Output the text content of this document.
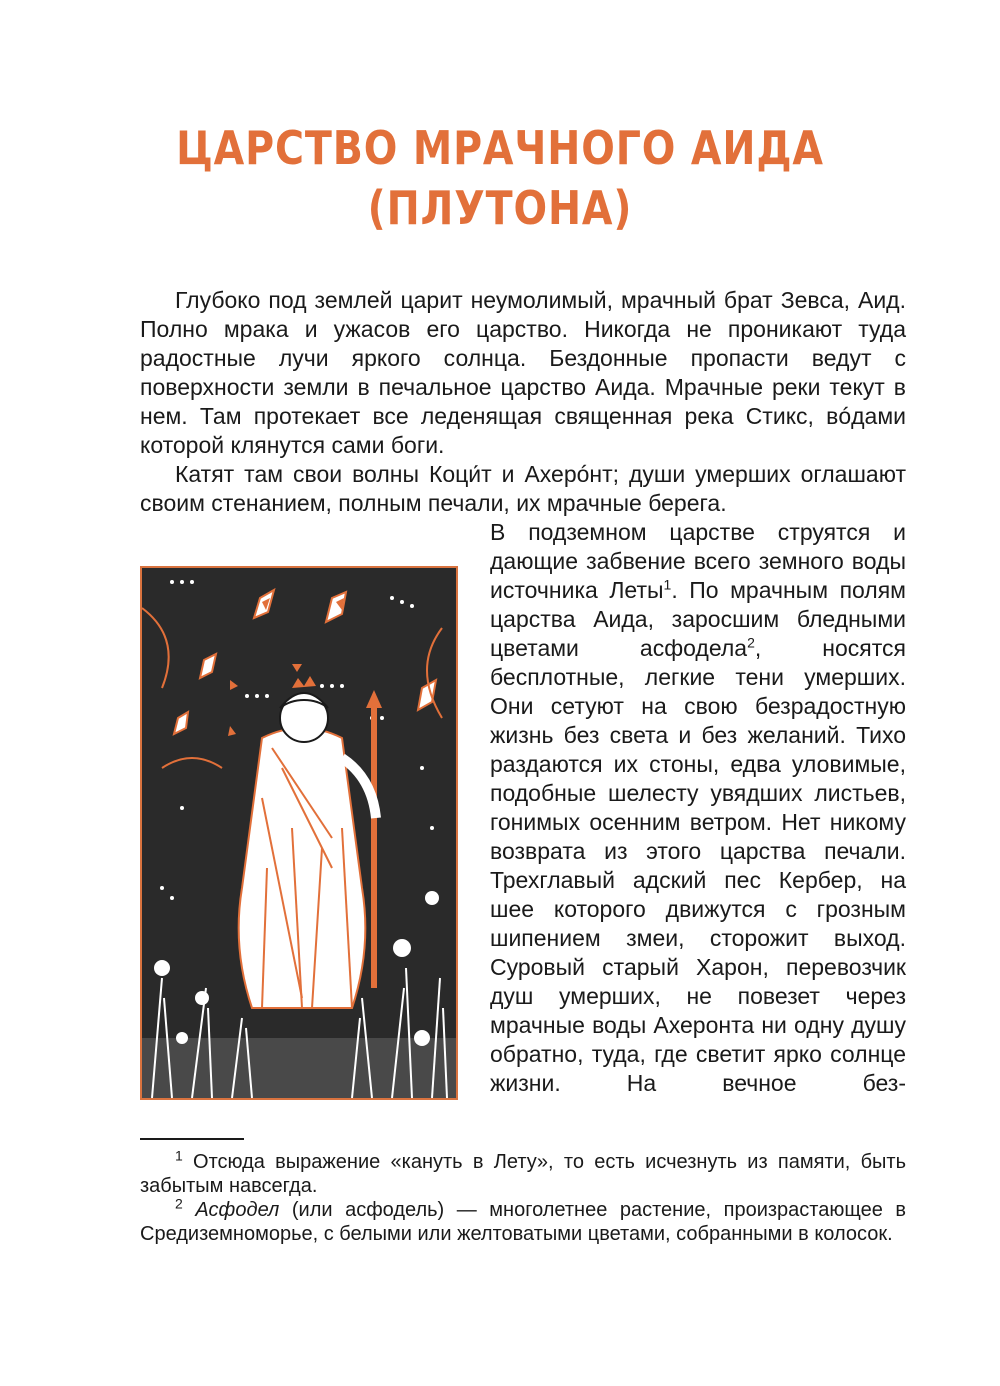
ЦАРСТВО МРАЧНОГО АИДА
(ПЛУТОНА)

Глубоко под землей царит неумолимый, мрачный брат Зевса, Аид. Полно мрака и ужасов его царство. Никогда не проникают туда радостные лучи яркого солнца. Бездонные пропасти ведут с поверхности земли в печальное царство Аида. Мрачные реки текут в нем. Там протекает все леденящая священная река Стикс, вóдами которой клянутся сами боги.

Катят там свои волны Коци́т и Ахерóнт; души умерших оглашают своим стенанием, полным печали, их мрачные берега.

В подземном царстве струятся и дающие забвение всего земного воды источника Леты$^1$. По мрачным полям царства Аида, заросшим бледными цветами асфодела$^2$, носятся бесплотные, легкие тени умерших. Они сетуют на свою безрадостную жизнь без света и без желаний. Тихо раздаются их стоны, едва уловимые, подобные шелесту увядших листьев, гонимых осенним ветром. Нет никому возврата из этого царства печали. Трехглавый адский пес Кербер, на шее которого движутся с грозным шипением змеи, сторожит выход. Суровый старый Харон, перевозчик душ умерших, не повезет через мрачные воды Ахеронта ни одну душу обратно, туда, где светит ярко солнце жизни. На вечное без-

$^1$ Отсюда выражение «кануть в Лету», то есть исчезнуть из памяти, быть забытым навсегда.

$^2$ Асфодел (или асфодель) — многолетнее растение, произрастающее в Средиземноморье, с белыми или желтоватыми цветами, собранными в колосок.
